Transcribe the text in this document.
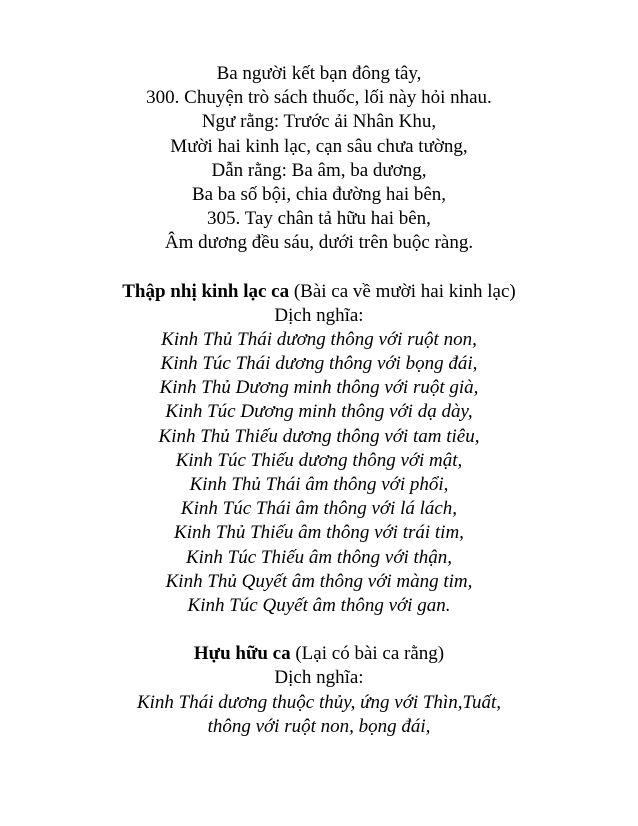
Ba người kết bạn đông tây,
300. Chuyện trò sách thuốc, lối này hỏi nhau.
Ngư rằng: Trước ải Nhân Khu,
Mười hai kinh lạc, cạn sâu chưa tường,
Dẫn rằng: Ba âm, ba dương,
Ba ba số bội, chia đường hai bên,
305. Tay chân tả hữu hai bên,
Âm dương đều sáu, dưới trên buộc ràng.
Thập nhị kinh lạc ca (Bài ca về mười hai kinh lạc)
Dịch nghĩa:
Kinh Thủ Thái dương thông với ruột non,
Kinh Túc Thái dương thông với bọng đái,
Kinh Thủ Dương minh thông với ruột già,
Kinh Túc Dương minh thông với dạ dày,
Kinh Thủ Thiếu dương thông với tam tiêu,
Kinh Túc Thiếu dương thông với mật,
Kinh Thủ Thái âm thông với phổi,
Kinh Túc Thái âm thông với lá lách,
Kinh Thủ Thiếu âm thông với trái tim,
Kinh Túc Thiếu âm thông với thận,
Kinh Thủ Quyết âm thông với màng tim,
Kinh Túc Quyết âm thông với gan.
Hựu hữu ca (Lại có bài ca rằng)
Dịch nghĩa:
Kinh Thái dương thuộc thủy, ứng với Thìn,Tuất,
thông với ruột non, bọng đái,
